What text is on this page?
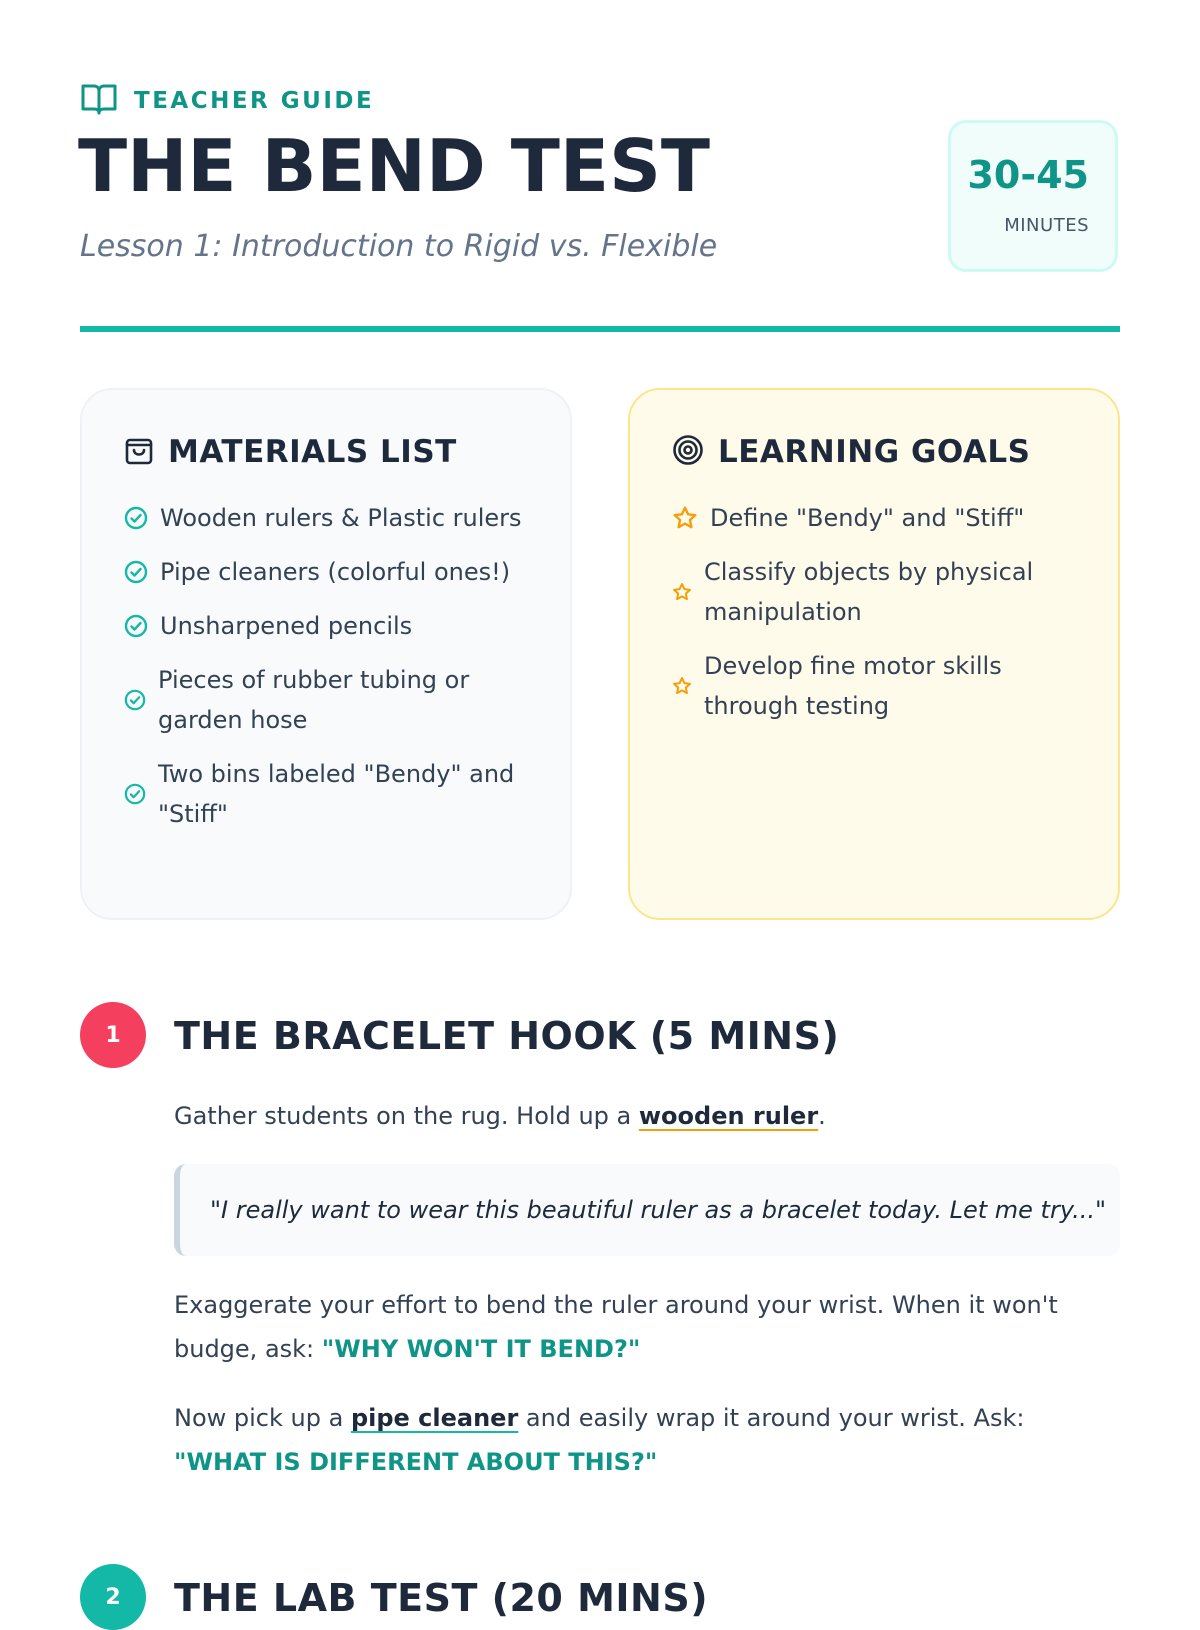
TEACHER GUIDE
THE BEND TEST

Lesson 1: Introduction to Rigid vs. Flexible

30-45
MINUTES
MATERIALS LIST
Wooden rulers & Plastic rulers
Pipe cleaners (colorful ones!)
Unsharpened pencils
Pieces of rubber tubing or garden hose
Two bins labeled "Bendy" and "Stiff"
LEARNING GOALS
Define "Bendy" and "Stiff"
Classify objects by physical manipulation
Develop fine motor skills through testing
1	THE BRACELET HOOK (5 MINS)

Gather students on the rug. Hold up a wooden ruler.

"I really want to wear this beautiful ruler as a bracelet today. Let me try..."

Exaggerate your effort to bend the ruler around your wrist. When it won't budge, ask: "WHY WON'T IT BEND?"

Now pick up a pipe cleaner and easily wrap it around your wrist. Ask: "WHAT IS DIFFERENT ABOUT THIS?"

2	THE LAB TEST (20 MINS)
